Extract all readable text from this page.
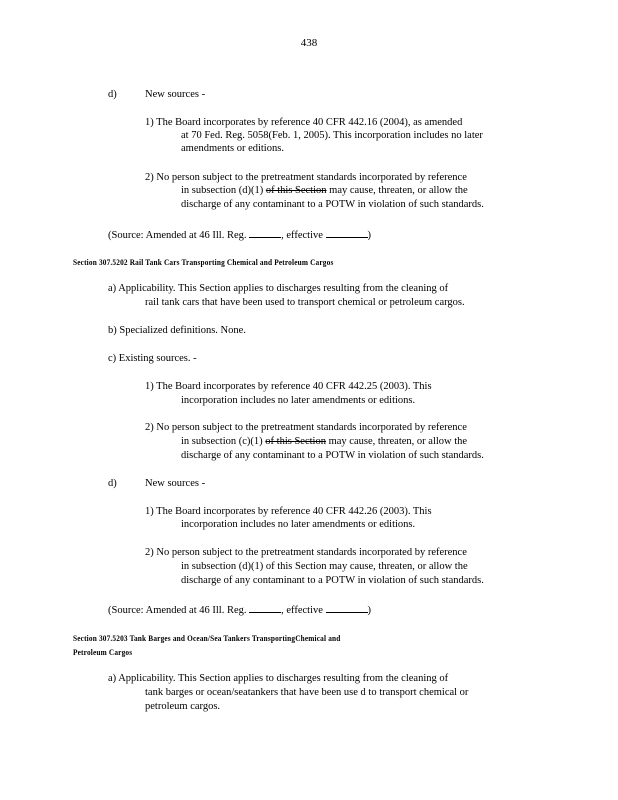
438
d)	New sources -
1) The Board incorporates by reference 40 CFR 442.16 (2004), as amended
at 70 Fed. Reg. 5058(Feb. 1, 2005). This incorporation includes no later
amendments or editions.
2) No person subject to the pretreatment standards incorporated by reference
in subsection (d)(1) of this Section may cause, threaten, or allow the
discharge of any contaminant to a POTW in violation of such standards.
(Source: Amended at 46 Ill. Reg.	, effective	)
Section 307.5202 Rail Tank Cars Transporting Chemical and Petroleum Cargos
a) Applicability. This Section applies to discharges resulting from the cleaning of
rail tank cars that have been used to transport chemical or petroleum cargos.
b) Specialized definitions. None.
c) Existing sources. -
1) The Board incorporates by reference 40 CFR 442.25 (2003). This
incorporation includes no later amendments or editions.
2) No person subject to the pretreatment standards incorporated by reference
in subsection (c)(1) of this Section may cause, threaten, or allow the
discharge of any contaminant to a POTW in violation of such standards.
d)	New sources -
1) The Board incorporates by reference 40 CFR 442.26 (2003). This
incorporation includes no later amendments or editions.
2) No person subject to the pretreatment standards incorporated by reference
in subsection (d)(1) of this Section may cause, threaten, or allow the
discharge of any contaminant to a POTW in violation of such standards.
(Source: Amended at 46 Ill. Reg.	, effective	)
Section 307.5203 Tank Barges and Ocean/Sea Tankers TransportingChemical and
Petroleum Cargos
a) Applicability. This Section applies to discharges resulting from the cleaning of
tank barges or ocean/seatankers that have been use d to transport chemical or
petroleum cargos.
